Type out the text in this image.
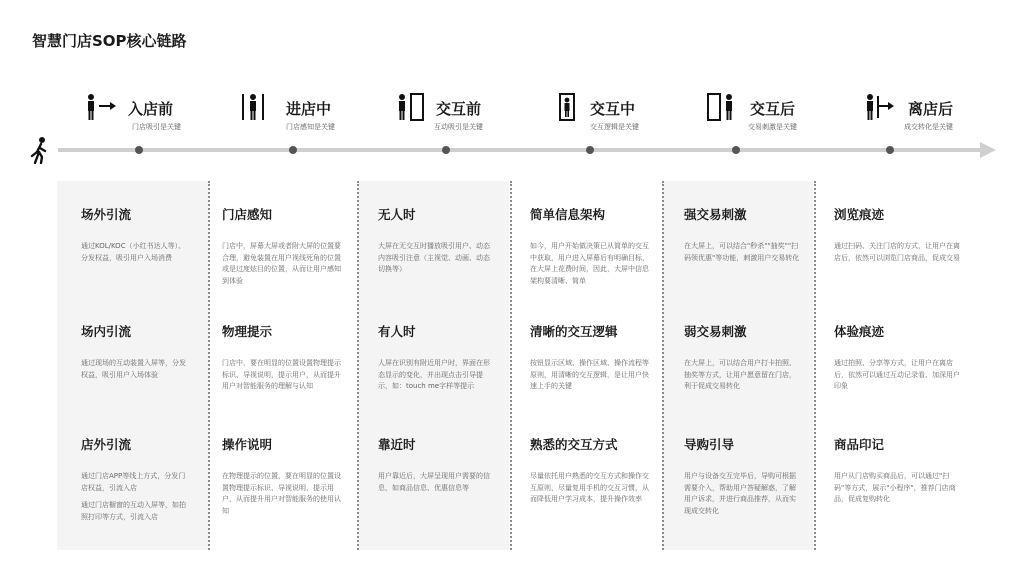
智慧门店SOP核心链路
入店前
门店吸引是关键
进店中
门店感知是关键
交互前
互动吸引是关键
交互中
交互逻辑是关键
交互后
交易刺激是关键
离店后
成交转化是关键
场外引流
通过KOL/KOC（小红书达人等）、分发权益，吸引用户入场消费
场内引流
通过现场的互动装置入屏等，分发权益，吸引用户入场体验
店外引流
通过门店APP等线上方式，分发门店权益，引流入店
通过门店橱窗的互动入屏等，如拍照打印等方式，引流入店
门店感知
门店中，屏幕大屏或者附大屏的位置要合理，避免装置在用户视线死角的位置或是过度炫目的位置，从而让用户感知到体验
物理提示
门店中，要在明显的位置设置物理提示标识、导视说明，提示用户，从而提升用户对智能服务的理解与认知
操作说明
在物理提示的位置，要在明显的位置设置物理提示标识、导视说明，提示用户，从而提升用户对智能服务的使用认知
无人时
大屏在无交互时播放吸引用户、动态内容吸引注意（主视觉、动画、动态切换等）
有人时
人屏在识别有附近用户时，界面在形态显示的变化，并出现点击引导提示，如：touch me字样等提示
靠近时
用户靠近后，大屏呈现用户需要的信息，如商品信息、优惠信息等
简单信息架构
如今，用户开始做决策已从简单的交互中获取，用户进入屏幕后有明确目标，在大屏上花费时间，因此，大屏中信息架构要清晰、简单
清晰的交互逻辑
按钮显示区域、操作区域、操作流程等原则，用清晰的交互逻辑，是让用户快速上手的关键
熟悉的交互方式
尽量依托用户熟悉的交互方式和操作交互原则，尽量复用手机的交互习惯，从而降低用户学习成本，提升操作效率
强交易刺激
在大屏上，可以结合"秒杀""抽奖""扫码领优惠"等功能，刺激用户交易转化
弱交易刺激
在大屏上，可以结合用户打卡拍照、抽奖等方式，让用户愿意留在门店，利于促成交易转化
导购引导
用户与设备交互完毕后，导购可根据需要介入，帮助用户答疑解惑，了解用户诉求，并进行商品推荐，从而实现成交转化
浏览痕迹
通过扫码、关注门店的方式，让用户在离店后，依然可以浏览门店商品，促成交易
体验痕迹
通过拍照、分享等方式，让用户在离店后，依然可以通过互动记录看、加深用户印象
商品印记
用户从门店购买商品后，可以通过"扫码"等方式，展示"小程序"，推荐门店商品，促成复购转化
